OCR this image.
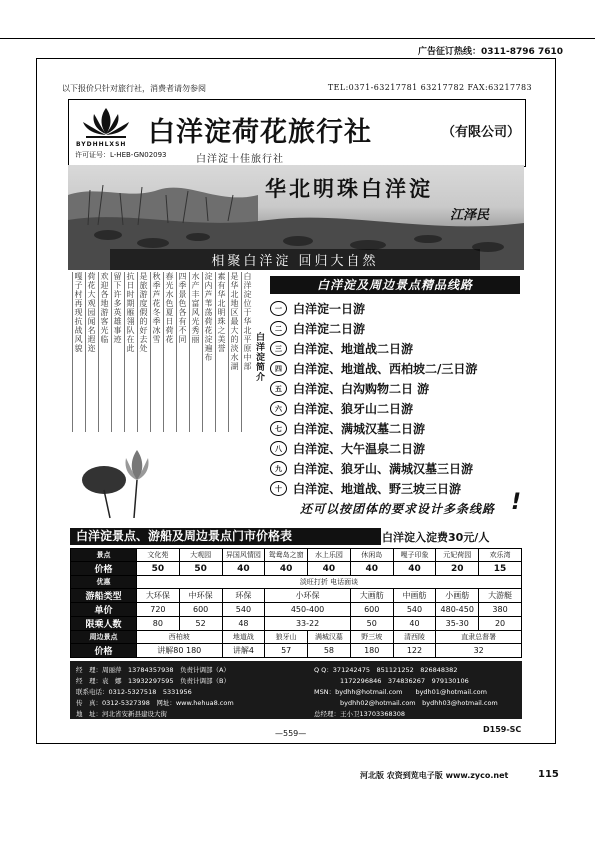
广告征订热线：0311-8796 7610
以下报价只针对旅行社，消费者请勿参阅	TEL:0371-63217781 63217782 FAX:63217783
BYDHHLXSH 白洋淀荷花旅行社	（有限公司）
许可证号：L-HEB-GN02093	白洋淀十佳旅行社
华北明珠白洋淀
江泽民
相聚白洋淀 回归大自然
白洋淀位于华北平原中部
是华北地区最大的淡水湖
素有华北明珠之美誉
淀内芦苇荡荷花淀遍布
水产丰富风光秀丽
四季景色各有不同
春光水色夏日荷花
秋季芦花冬季冰雪
是旅游度假的好去处
抗日时期雁翎队在此
留下许多英雄事迹
欢迎各地游客光临
荷花大观园闻名遐迩
嘎子村再现抗战风貌
白洋淀简介
白洋淀及周边景点精品线路
一 白洋淀一日游
二 白洋淀二日游
三 白洋淀、地道战二日游
四 白洋淀、地道战、西柏坡二/三日游
五 白洋淀、白沟购物二日 游
六 白洋淀、狼牙山二日游
七 白洋淀、满城汉墓二日游
八 白洋淀、大午温泉二日游
九 白洋淀、狼牙山、满城汉墓三日游
十 白洋淀、地道战、野三坡三日游
还可以按团体的要求设计多条线路 !
白洋淀景点、游船及周边景点门市价格表	白洋淀入淀费30元/人
景点	文化苑	大观园	异国风情园	鸳鸯岛之窗	水上乐园	休闲岛	嘎子印象	元妃荷园	欢乐湾
价格	50	50	40	40	40	40	40	20	15
优惠	淡旺打折 电话面谈								
游船类型	大环保	中环保	环保	小环保		大画舫	中画舫	小画舫	大游艇
单价	720	600	540	450-400		600	540	480-450	380
限乘人数	80	52	48	33-22		50	40	35-30	20
周边景点	西柏坡		地道战	狼牙山	满城汉墓	野三坡	清西陵	直隶总督署	
价格	讲解80 180		讲解4	57	58	180	122	32	
经　理：周丽萍　13784357938　负责计调部（A）	Q Q：371242475　851121252　826848382
经　理：袁　娜　13932297595　负责计调部（B）	1172296846　374836267　979130106
联系电话：0312-5327518　5331956	MSN：bydhh@hotmail.com　　bydh01@hotmail.com
传　真：0312-5327398　网址：www.hehua8.com	bydhh02@hotmail.com　bydhh03@hotmail.com
地　址：河北省安新县建设大街	总经理：王小卫13703368308
—559—	D159-SC
河北版 农资到览电子版 www.zyco.net	115
